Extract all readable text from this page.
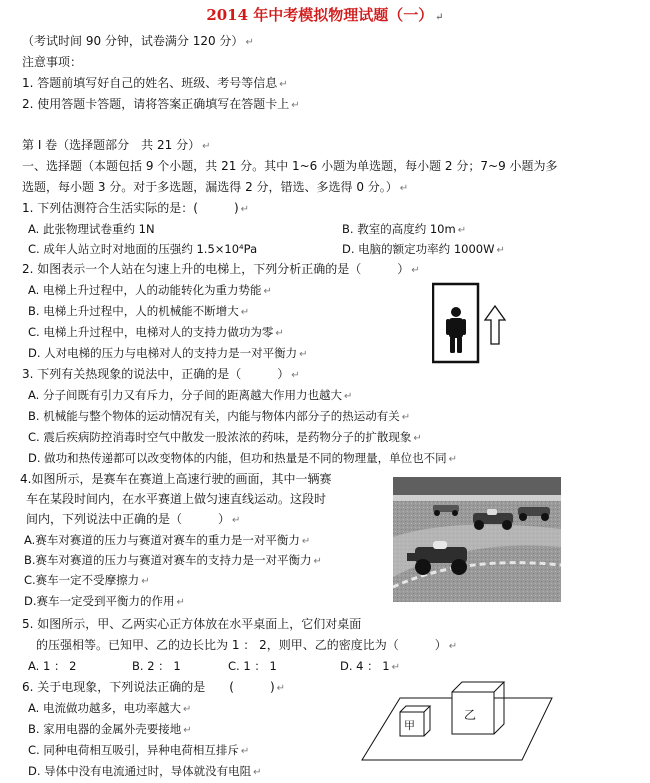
2014 年中考模拟物理试题（一） ↵
（考试时间 90 分钟，试卷满分 120 分） ↵
注意事项：
1. 答题前填写好自己的姓名、班级、考号等信息 ↵
2. 使用答题卡答题，请将答案正确填写在答题卡上 ↵
第 I 卷（选择题部分　共 21 分） ↵
一、选择题（本题包括 9 个小题，共 21 分。其中 1~6 小题为单选题，每小题 2 分；7~9 小题为多
选题，每小题 3 分。对于多选题，漏选得 2 分，错选、多选得 0 分。） ↵
1. 下列估测符合生活实际的是：(　　　) ↵
A. 此张物理试卷重约 1N	B. 教室的高度约 10m ↵
C. 成年人站立时对地面的压强约 1.5×10⁴Pa	D. 电脑的额定功率约 1000W ↵
2. 如图表示一个人站在匀速上升的电梯上，下列分析正确的是（　　　） ↵
A. 电梯上升过程中，人的动能转化为重力势能 ↵
B. 电梯上升过程中，人的机械能不断增大 ↵
C. 电梯上升过程中，电梯对人的支持力做功为零 ↵
D. 人对电梯的压力与电梯对人的支持力是一对平衡力 ↵
3. 下列有关热现象的说法中，正确的是（　　　） ↵
A. 分子间既有引力又有斥力，分子间的距离越大作用力也越大 ↵
B. 机械能与整个物体的运动情况有关，内能与物体内部分子的热运动有关 ↵
C. 震后疾病防控消毒时空气中散发一股浓浓的药味，是药物分子的扩散现象 ↵
D. 做功和热传递都可以改变物体的内能，但功和热量是不同的物理量，单位也不同 ↵
4.如图所示，是赛车在赛道上高速行驶的画面，其中一辆赛
车在某段时间内，在水平赛道上做匀速直线运动。这段时
间内，下列说法中正确的是（　　　） ↵
A.赛车对赛道的压力与赛道对赛车的重力是一对平衡力 ↵
B.赛车对赛道的压力与赛道对赛车的支持力是一对平衡力 ↵
C.赛车一定不受摩擦力 ↵
D.赛车一定受到平衡力的作用 ↵
5. 如图所示，甲、乙两实心正方体放在水平桌面上，它们对桌面
的压强相等。已知甲、乙的边长比为 1 ： 2，则甲、乙的密度比为（　　　） ↵
A. 1 ： 2	B. 2 ： 1	C. 1 ： 1	D. 4 ： 1 ↵
6. 关于电现象，下列说法正确的是　　(　　　) ↵
A. 电流做功越多，电功率越大 ↵
B. 家用电器的金属外壳要接地 ↵
C. 同种电荷相互吸引，异种电荷相互排斥 ↵
D. 导体中没有电流通过时，导体就没有电阻 ↵
甲
乙
